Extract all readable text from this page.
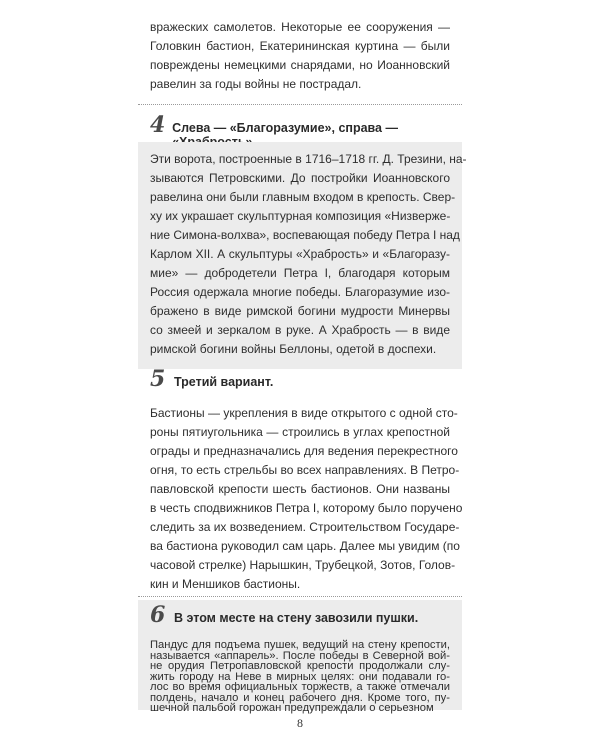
вражеских самолетов. Некоторые ее сооружения —
Головкин бастион, Екатерининская куртина — были
повреждены немецкими снарядами, но Иоанновский
равелин за годы войны не пострадал.

4 Слева — «Благоразумие», справа —

Эти ворота, построенные в 1716–1718 гг. Д. Трезини, на-
зываются Петровскими. До постройки Иоанновского
равелина они были главным входом в крепость. Свер-
ху их украшает скульптурная композиция «Низверже-
ние Симона-волхва», воспевающая победу Петра I над
Карлом XII. А скульптуры «Храбрость» и «Благоразу-
мие» — добродетели Петра I, благодаря которым
Россия одержала многие победы. Благоразумие изо-
бражено в виде римской богини мудрости Минервы
со змеей и зеркалом в руке. А Храбрость — в виде
римской богини войны Беллоны, одетой в доспехи.

5 Третий вариант.

Бастионы — укрепления в виде открытого с одной сто-
роны пятиугольника — строились в углах крепостной
ограды и предназначались для ведения перекрестного
огня, то есть стрельбы во всех направлениях. В Петро-
павловской крепости шесть бастионов. Они названы
в честь сподвижников Петра I, которому было поручено
следить за их возведением. Строительством Государе-
ва бастиона руководил сам царь. Далее мы увидим (по
часовой стрелке) Нарышкин, Трубецкой, Зотов, Голов-
кин и Меншиков бастионы.

6 В этом месте на стену завозили пушки.

Пандус для подъема пушек, ведущий на стену крепости,
называется «аппарель». После победы в Северной вой-
не орудия Петропавловской крепости продолжали слу-
жить городу на Неве в мирных целях: они подавали го-
лос во время официальных торжеств, а также отмечали
полдень, начало и конец рабочего дня. Кроме того, пу-
шечной пальбой горожан предупреждали о серьезном

8
